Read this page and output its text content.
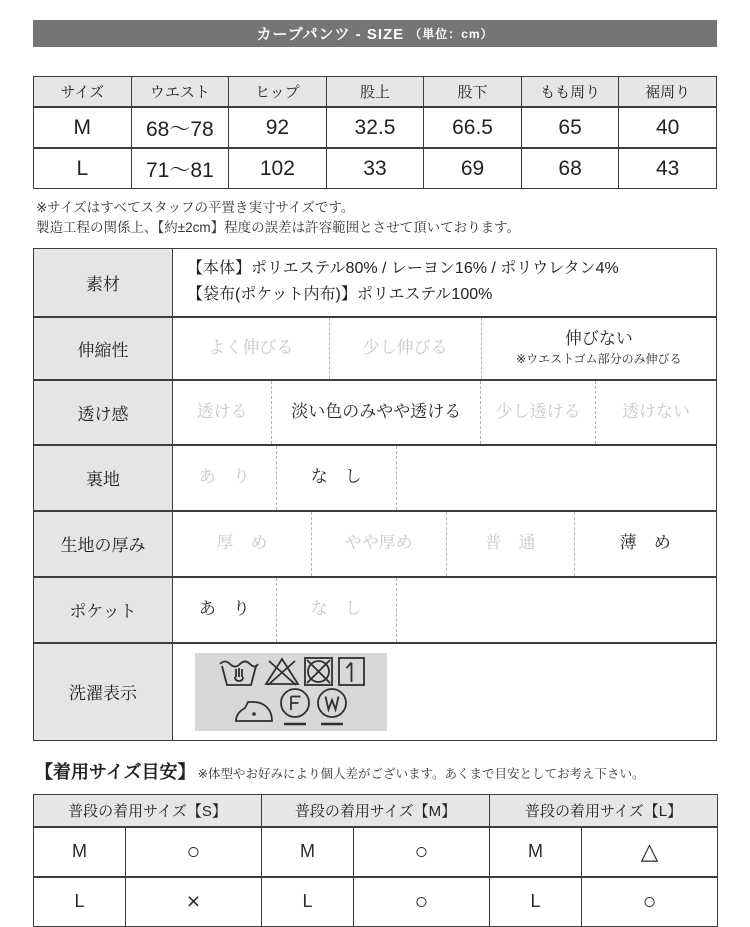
カーブパンツ - SIZE （単位：cm）
サイズ	ウエスト	ヒップ	股上	股下	もも周り	裾周り
M	68〜78	92	32.5	66.5	65	40
L	71〜81	102	33	69	68	43
※サイズはすべてスタッフの平置き実寸サイズです。
製造工程の関係上、【約±2cm】程度の誤差は許容範囲とさせて頂いております。
素材
【本体】ポリエステル80% / レーヨン16% / ポリウレタン4%
【袋布(ポケット内布)】ポリエステル100%
伸縮性	よく伸びる	少し伸びる	伸びない
※ウエストゴム部分のみ伸びる
透け感	透ける	淡い色のみやや透ける	少し透ける	透けない
裏地	あ　り	な　し
生地の厚み	厚　め	やや厚め	普　通	薄　め
ポケット	あ　り	な　し
洗濯表示
【着用サイズ目安】 ※体型やお好みにより個人差がございます。あくまで目安としてお考え下さい。
普段の着用サイズ【S】		普段の着用サイズ【M】		普段の着用サイズ【L】	
M	○	M	○	M	△
L	×	L	○	L	○
